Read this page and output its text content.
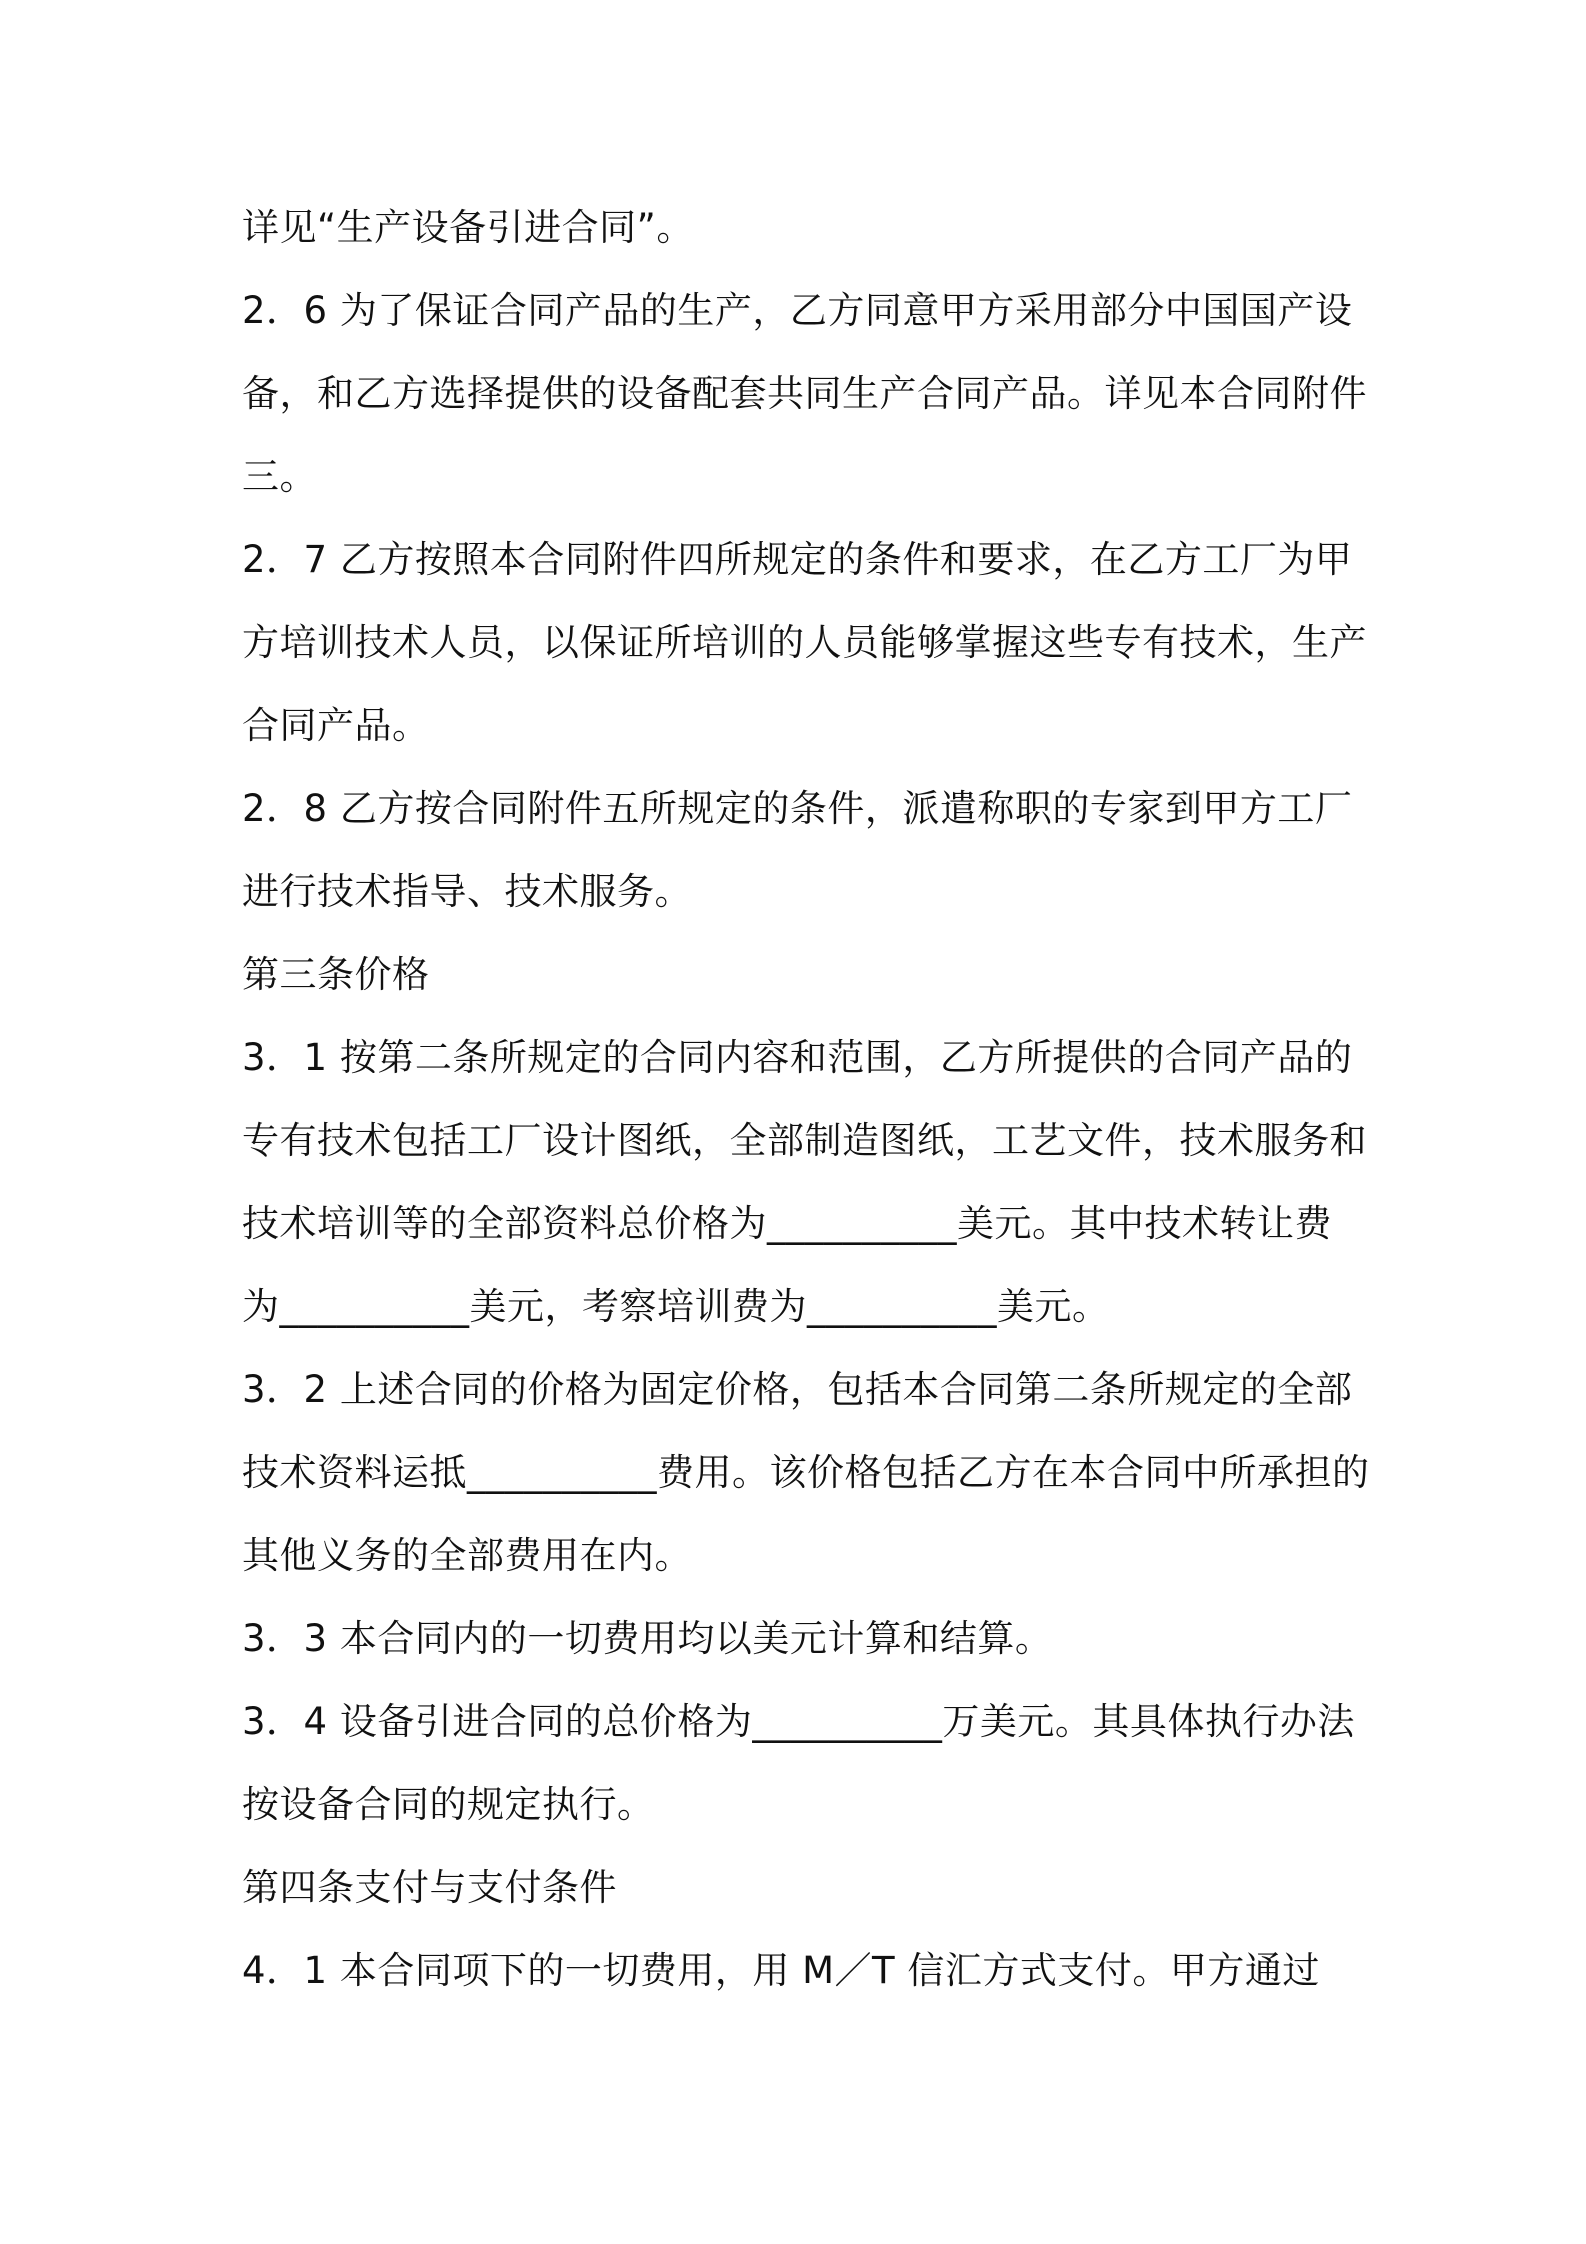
详见“生产设备引进合同”。
2．6 为了保证合同产品的生产，乙方同意甲方采用部分中国国产设
备，和乙方选择提供的设备配套共同生产合同产品。详见本合同附件
三。
2．7 乙方按照本合同附件四所规定的条件和要求，在乙方工厂为甲
方培训技术人员，以保证所培训的人员能够掌握这些专有技术，生产
合同产品。
2．8 乙方按合同附件五所规定的条件，派遣称职的专家到甲方工厂
进行技术指导、技术服务。
第三条价格
3．1 按第二条所规定的合同内容和范围，乙方所提供的合同产品的
专有技术包括工厂设计图纸，全部制造图纸，工艺文件，技术服务和
技术培训等的全部资料总价格为__________美元。其中技术转让费
为__________美元，考察培训费为__________美元。
3．2 上述合同的价格为固定价格，包括本合同第二条所规定的全部
技术资料运抵__________费用。该价格包括乙方在本合同中所承担的
其他义务的全部费用在内。
3．3 本合同内的一切费用均以美元计算和结算。
3．4 设备引进合同的总价格为__________万美元。其具体执行办法
按设备合同的规定执行。
第四条支付与支付条件
4．1 本合同项下的一切费用，用 M／T 信汇方式支付。甲方通过
